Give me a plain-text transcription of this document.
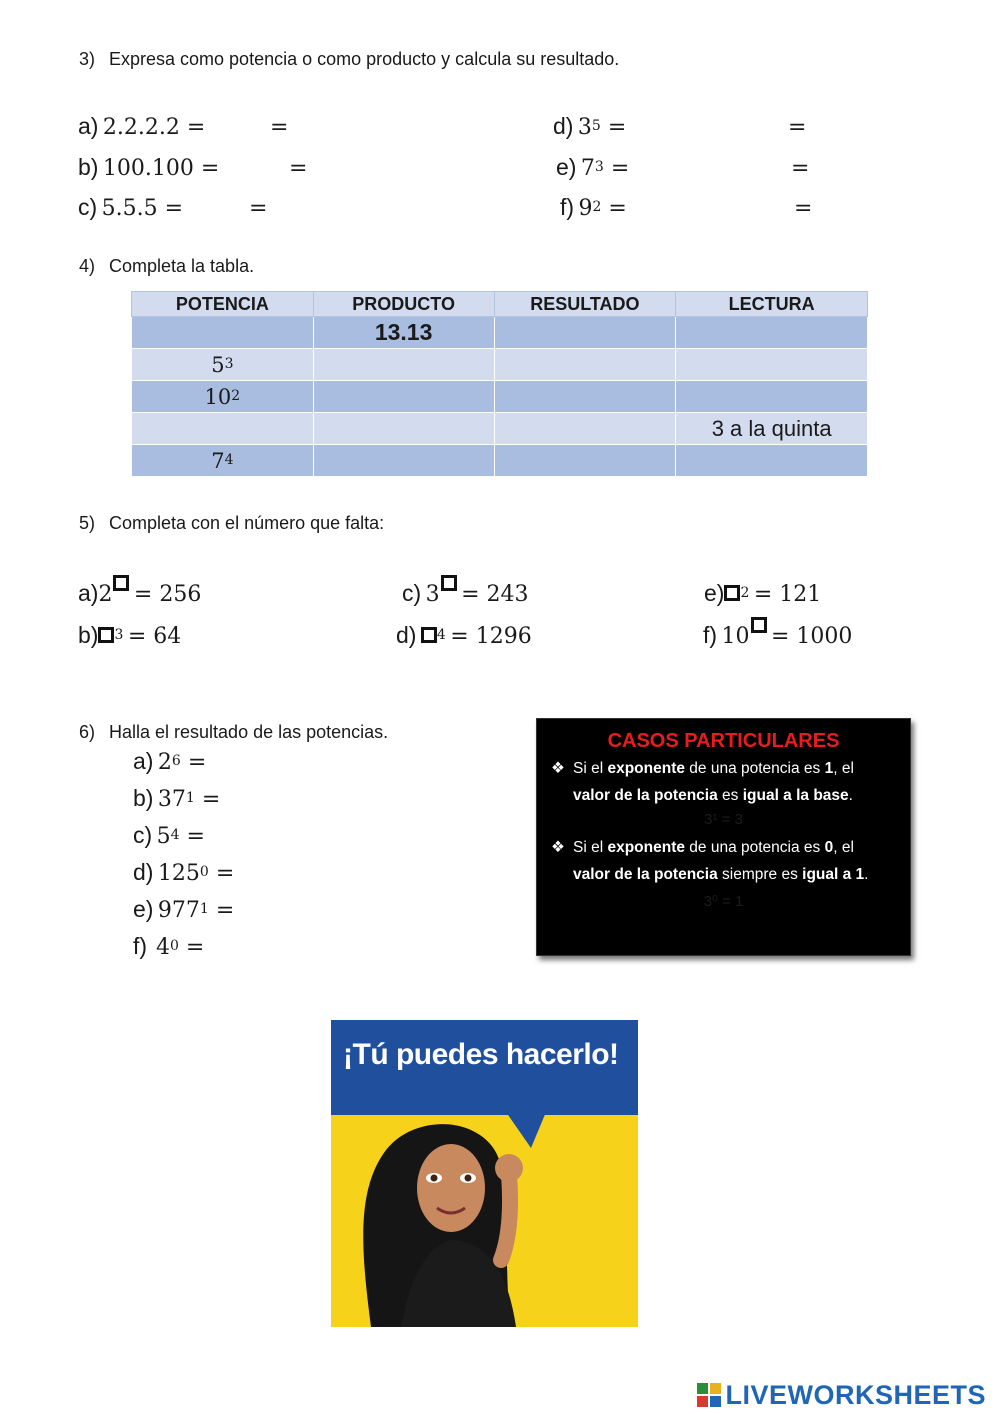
3) Expresa como potencia o como producto y calcula su resultado.
a) 2.2.2.2 =	=
b) 100.100 =	=
c) 5.5.5 =	=
d) $3^5$ =	=
e) $7^3$ =	=
f) $9^2$ =	=
4) Completa la tabla.
POTENCIA	PRODUCTO	RESULTADO	LECTURA
	13.13		
$5^3$			
$10^2$			
			3 a la quinta
$7^4$			
5) Completa con el número que falta:
a)2 = 256
b) $^3$ = 64
c) 3 = 243
d) $^4$ = 1296
e) $^2$ = 121
f) 10 = 1000
6) Halla el resultado de las potencias.
a) $2^6$ =
b) $37^1$ =
c) $5^4$ =
d) $125^0$ =
e) $977^1$ =
f) $4^0$ =
CASOS PARTICULARES
❖ Si el exponente de una potencia es 1, el
valor de la potencia es igual a la base.
3¹ = 3
❖ Si el exponente de una potencia es 0, el
valor de la potencia siempre es igual a 1.
3⁰ = 1
¡Tú puedes hacerlo!
LIVEWORKSHEETS
